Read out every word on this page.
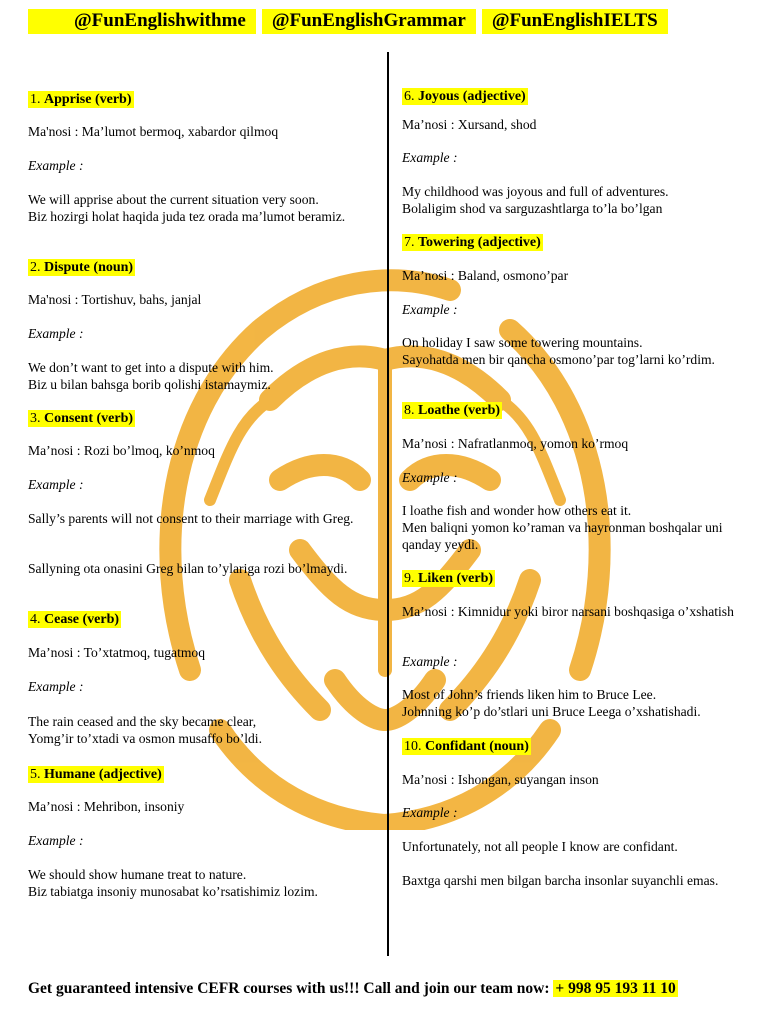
@FunEnglishwithme	@FunEnglishGrammar	@FunEnglishIELTS
1. Apprise (verb)

Ma'nosi : Ma’lumot bermoq, xabardor qilmoq

Example :

We will apprise about the current situation very soon.

Biz hozirgi holat haqida juda tez orada ma’lumot beramiz.

2. Dispute (noun)

Ma'nosi : Tortishuv, bahs, janjal

Example :

We don’t want to get into a dispute with him.

Biz u bilan bahsga borib qolishi istamaymiz.

3. Consent (verb)

Ma’nosi : Rozi bo’lmoq, ko’nmoq

Example :

Sally’s parents will not consent to their marriage with Greg.

Sallyning ota onasini Greg bilan to’ylariga rozi bo’lmaydi.

4. Cease (verb)

Ma’nosi : To’xtatmoq, tugatmoq

Example :

The rain ceased and the sky became clear,

Yomg’ir to’xtadi va osmon musaffo bo’ldi.

5. Humane (adjective)

Ma’nosi : Mehribon, insoniy

Example :

We should show humane treat to nature.

Biz tabiatga insoniy munosabat ko’rsatishimiz lozim.

6. Joyous (adjective)

Ma’nosi : Xursand, shod

Example :

My childhood was joyous and full of adventures.

Bolaligim shod va sarguzashtlarga to’la bo’lgan

7. Towering (adjective)

Ma’nosi : Baland, osmono’par

Example :

On holiday I saw some towering mountains.

Sayohatda men bir qancha osmono’par tog’larni ko’rdim.

8. Loathe (verb)

Ma’nosi : Nafratlanmoq, yomon ko’rmoq

Example :

I loathe fish and wonder how others eat it.

Men baliqni yomon ko’raman va hayronman boshqalar uni qanday yeydi.

9. Liken (verb)

Ma’nosi : Kimnidur yoki biror narsani boshqasiga o’xshatish

Example :

Most of John’s friends liken him to Bruce Lee.

Johnning ko’p do’stlari uni Bruce Leega o’xshatishadi.

10. Confidant (noun)

Ma’nosi : Ishongan, suyangan inson

Example :

Unfortunately, not all people I know are confidant.

Baxtga qarshi men bilgan barcha insonlar suyanchli emas.

Get guaranteed intensive CEFR courses with us!!! Call and join our team now: + 998 95 193 11 10
